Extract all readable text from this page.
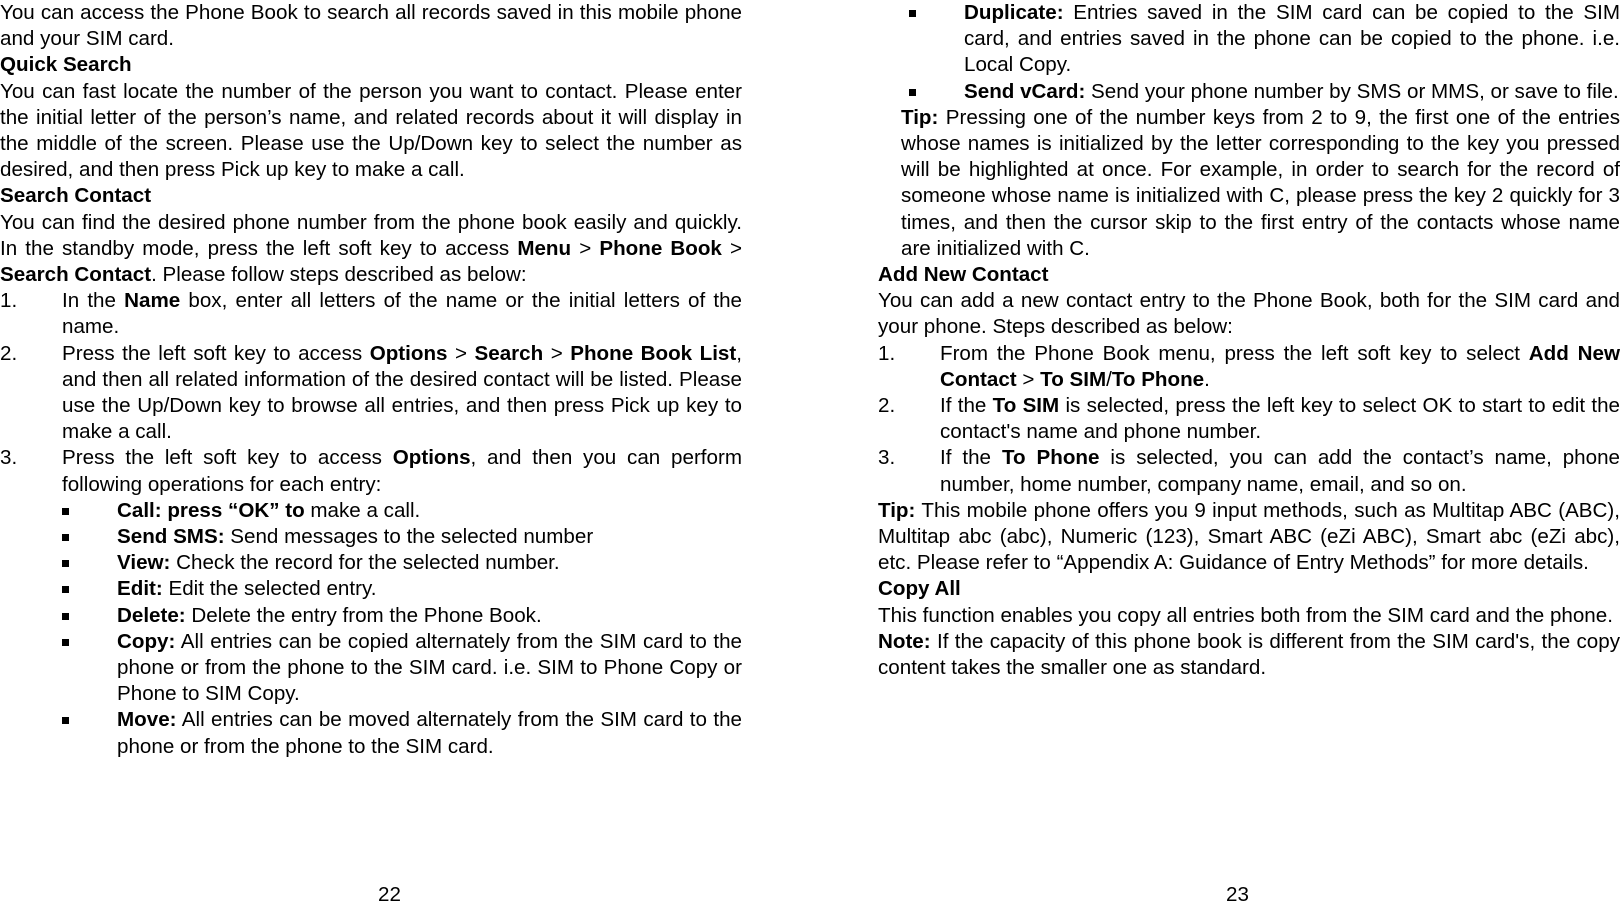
You can access the Phone Book to search all records saved in this mobile phone and your SIM card.

Quick Search

You can fast locate the number of the person you want to contact. Please enter the initial letter of the person’s name, and related records about it will display in the middle of the screen. Please use the Up/Down key to select the number as desired, and then press Pick up key to make a call.

Search Contact

You can find the desired phone number from the phone book easily and quickly. In the standby mode, press the left soft key to access Menu > Phone Book > Search Contact. Please follow steps described as below:

1.	In the Name box, enter all letters of the name or the initial letters of the name.
2.	Press the left soft key to access Options > Search > Phone Book List, and then all related information of the desired contact will be listed. Please use the Up/Down key to browse all entries, and then press Pick up key to make a call.
3.	Press the left soft key to access Options, and then you can perform following operations for each entry:
Call: press “OK” to make a call.
Send SMS: Send messages to the selected number
View: Check the record for the selected number.
Edit: Edit the selected entry.
Delete: Delete the entry from the Phone Book.
Copy: All entries can be copied alternately from the SIM card to the phone or from the phone to the SIM card. i.e. SIM to Phone Copy or Phone to SIM Copy.
Move: All entries can be moved alternately from the SIM card to the phone or from the phone to the SIM card.
22
Duplicate: Entries saved in the SIM card can be copied to the SIM card, and entries saved in the phone can be copied to the phone. i.e. Local Copy.
Send vCard: Send your phone number by SMS or MMS, or save to file.

Tip: Pressing one of the number keys from 2 to 9, the first one of the entries whose names is initialized by the letter corresponding to the key you pressed will be highlighted at once. For example, in order to search for the record of someone whose name is initialized with C, please press the key 2 quickly for 3 times, and then the cursor skip to the first entry of the contacts whose name are initialized with C.

Add New Contact

You can add a new contact entry to the Phone Book, both for the SIM card and your phone. Steps described as below:

1.	From the Phone Book menu, press the left soft key to select Add New Contact > To SIM/To Phone.
2.	If the To SIM is selected, press the left key to select OK to start to edit the contact's name and phone number.
3.	If the To Phone is selected, you can add the contact’s name, phone number, home number, company name, email, and so on.

Tip: This mobile phone offers you 9 input methods, such as Multitap ABC (ABC), Multitap abc (abc), Numeric (123), Smart ABC (eZi ABC), Smart abc (eZi abc), etc. Please refer to “Appendix A: Guidance of Entry Methods” for more details.

Copy All

This function enables you copy all entries both from the SIM card and the phone.

Note: If the capacity of this phone book is different from the SIM card's, the copy content takes the smaller one as standard.

23
